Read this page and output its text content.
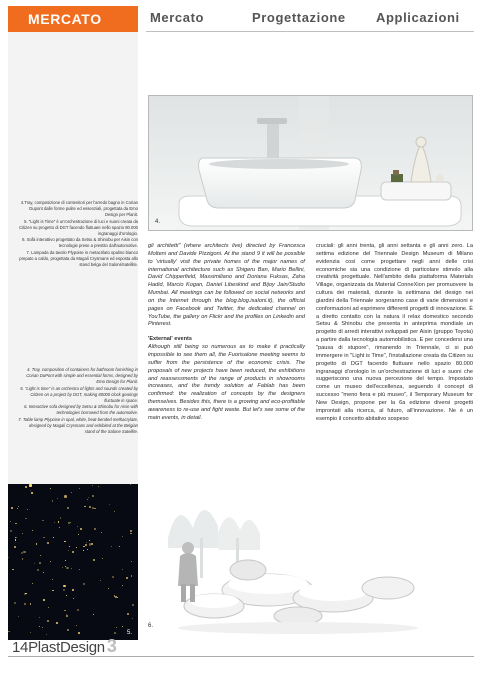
MERCATO	Mercato	Progettazione Applicazioni

4.Tray, composizione di contenitori per l'arredo bagno in Corian Dupont dalle forme pulite ed essenziali, progettata da Emo Design per Planit.

5. "Light is Time" è un'orchestrazione di luci e suoni creata da Citizen su progetto di DGT facendo fluttuare nello spazio 80.000 ingranaggi d'orologio.

6. Sofà interattivo progettato da Setsu & Shinobu per Aisin con tecnologie prese a prestito dall'automotive.

7. Lampada da tavolo Plypoise in metacrilato opalino bianco prepato a caldo, progettata da Magali Crysmans ed esposta allo stand belga del SalonéSatellite.

4. Tray, composition of containers for bathroom furnishing in Corian DuPont with simple and essential forms, designed by Emo Design for Planit.

5. "Light is time" is an orchestra of lights and sounds created by Citizen on a project by DGT, making 80000 clock gearings fluctuate in space.

6. Interactive sofa designed by Setsu & Shinobu for Aisin with technologies borrowed from the automotive.

7. Table lamp Plypoise in opal, white, heat-bended methacrylate, designed by Magali Crysmans and exhibited at the Belgian stand of the Salone Satellite.

5.
4.

gli architetti" (where architects live) directed by Francesca Molteni and Davide Pizzigoni. At the stand 9 it will be possible to 'virtually' visit the private homes of the major names of international architecture such as Shigeru Ban, Mario Bellini, David Chipperfield, Massimiliano and Doriana Fuksas, Zaha Hadid, Marcio Kogan, Daniel Libeskind and Bijoy Jain/Studio Mumbai. All meetings can be followed on social networks and on the Internet through the blog.blog.isaloni.it), the official pages on Facebook and Twitter, the dedicated channel on YouTube, the gallery on Flickr and the profiles on Linkedin and Pinterest.

'External' events

Although still being so numerous as to make it practically impossible to see them all, the Fuorisalone meeting seems to suffer from the persistence of the economic crisis. The proposals of new projects have been reduced, the exhibitions and reassessments of the range of products in showrooms increases, and the trendy solution at Fablab has been confirmed: the realization of concepts by the designers themselves. Besides this, there is a growing and eco-profitable awareness to re-use and fight waste. But let's see some of the main events, in detail.

cruciali: gli anni trenta, gli anni settanta e gli anni zero. La settima edizione del Triennale Design Museum di Milano evidenzia così come progettare negli anni delle crisi economiche sia una condizione di particolare stimolo alla creatività progettuale. Nell'ambito della piattaforma Materials Village, organizzata da Material ConneXion per promuovere la cultura dei materiali, durante la settimana del design nei giardini della Triennale sorgeranno case di varie dimensioni e conformazioni ad esprimere differenti progetti di innovazione. È a diretto contatto con la natura il relax domestico secondo Setsu & Shinobu che presenta in anteprima mondiale un progetto di arredi interattivi sviluppati per Aisin (gruppo Toyota) a partire dalla tecnologia automobilistica. E per concedersi una "pausa di stupore", rimanendo in Triennale, ci si può immergere in "Light is Time", l'installazione creata da Citizen su progetto di DGT facendo fluttuare nello spazio 80.000 ingranaggi d'orologio in un'orchestrazione di luci e suoni che suggeriscono una nuova percezione del tempo. Impostato come un museo dell'eccellenza, seguendo il concept di successo "meno fiera e più museo", il Temporary Museum for New Design, propone per la 6a edizione diversi progetti improntati alla ricerca, al futuro, all'innovazione. Ne è un esempio il concetto abitativo sospeso

6.
14PlastDesign 3
